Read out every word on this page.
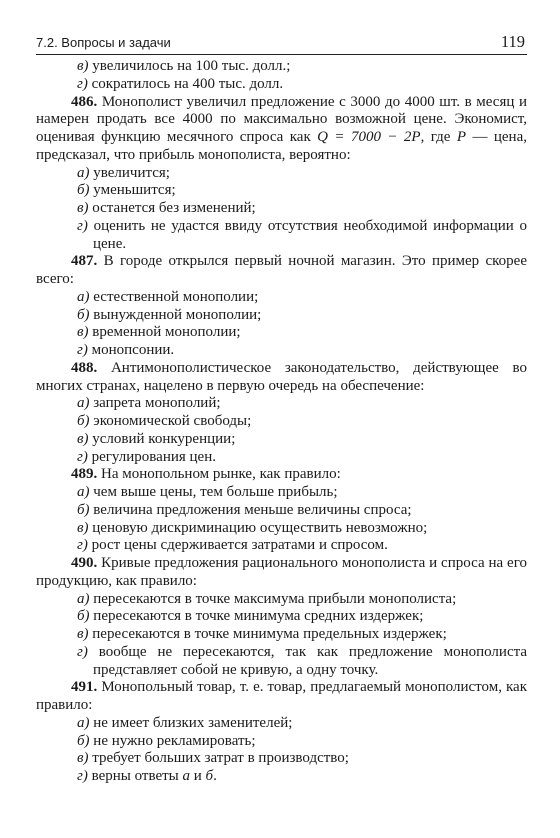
7.2. Вопросы и задачи	119
в) увеличилось на 100 тыс. долл.;
г) сократилось на 400 тыс. долл.
486. Монополист увеличил предложение с 3000 до 4000 шт. в месяц и намерен продать все 4000 по максимально возможной цене. Экономист, оценивая функцию месячного спроса как Q = 7000 − 2P, где P — цена, предсказал, что прибыль монополиста, вероятно:
а) увеличится;
б) уменьшится;
в) останется без изменений;
г) оценить не удастся ввиду отсутствия необходимой информации о цене.
487. В городе открылся первый ночной магазин. Это пример скорее всего:
а) естественной монополии;
б) вынужденной монополии;
в) временной монополии;
г) монопсонии.
488. Антимонополистическое законодательство, действующее во многих странах, нацелено в первую очередь на обеспечение:
а) запрета монополий;
б) экономической свободы;
в) условий конкуренции;
г) регулирования цен.
489. На монопольном рынке, как правило:
а) чем выше цены, тем больше прибыль;
б) величина предложения меньше величины спроса;
в) ценовую дискриминацию осуществить невозможно;
г) рост цены сдерживается затратами и спросом.
490. Кривые предложения рационального монополиста и спроса на его продукцию, как правило:
а) пересекаются в точке максимума прибыли монополиста;
б) пересекаются в точке минимума средних издержек;
в) пересекаются в точке минимума предельных издержек;
г) вообще не пересекаются, так как предложение монополиста представляет собой не кривую, а одну точку.
491. Монопольный товар, т. е. товар, предлагаемый монополистом, как правило:
а) не имеет близких заменителей;
б) не нужно рекламировать;
в) требует больших затрат в производство;
г) верны ответы а и б.
